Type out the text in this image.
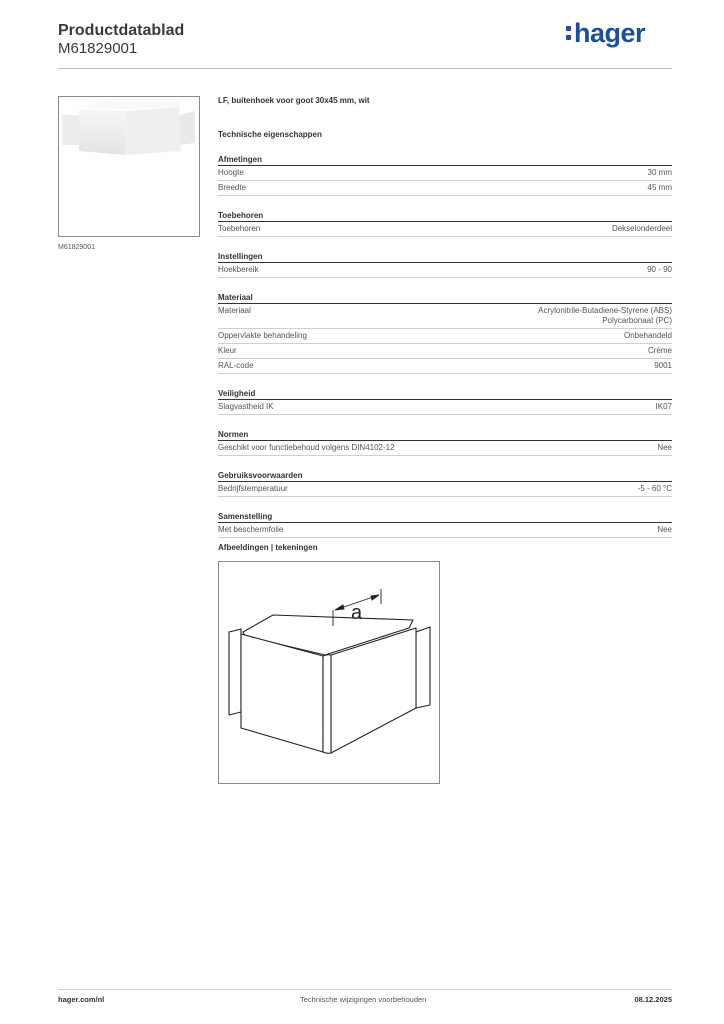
Productdatablad
M61829001
hager
M61829001
LF, buitenhoek voor goot 30x45 mm, wit
Technische eigenschappen
Afmetingen
Hoogte	30 mm
Breedte	45 mm
Toebehoren
Toebehoren	Dekselonderdeel
Instellingen
Hoekbereik	90 - 90
Materiaal
Materiaal	Acrylonitrile-Butadiene-Styrene (ABS)
Polycarbonaat (PC)
Oppervlakte behandeling	Onbehandeld
Kleur	Crème
RAL-code	9001
Veiligheid
Slagvastheid IK	IK07
Normen
Geschikt voor functiebehoud volgens DIN4102-12	Nee
Gebruiksvoorwaarden
Bedrijfstemperatuur	-5 - 60 °C
Samenstelling
Met beschermfolie	Nee
Afbeeldingen | tekeningen
a
hager.com/nl	Technische wijzigingen voorbehouden	08.12.2025
